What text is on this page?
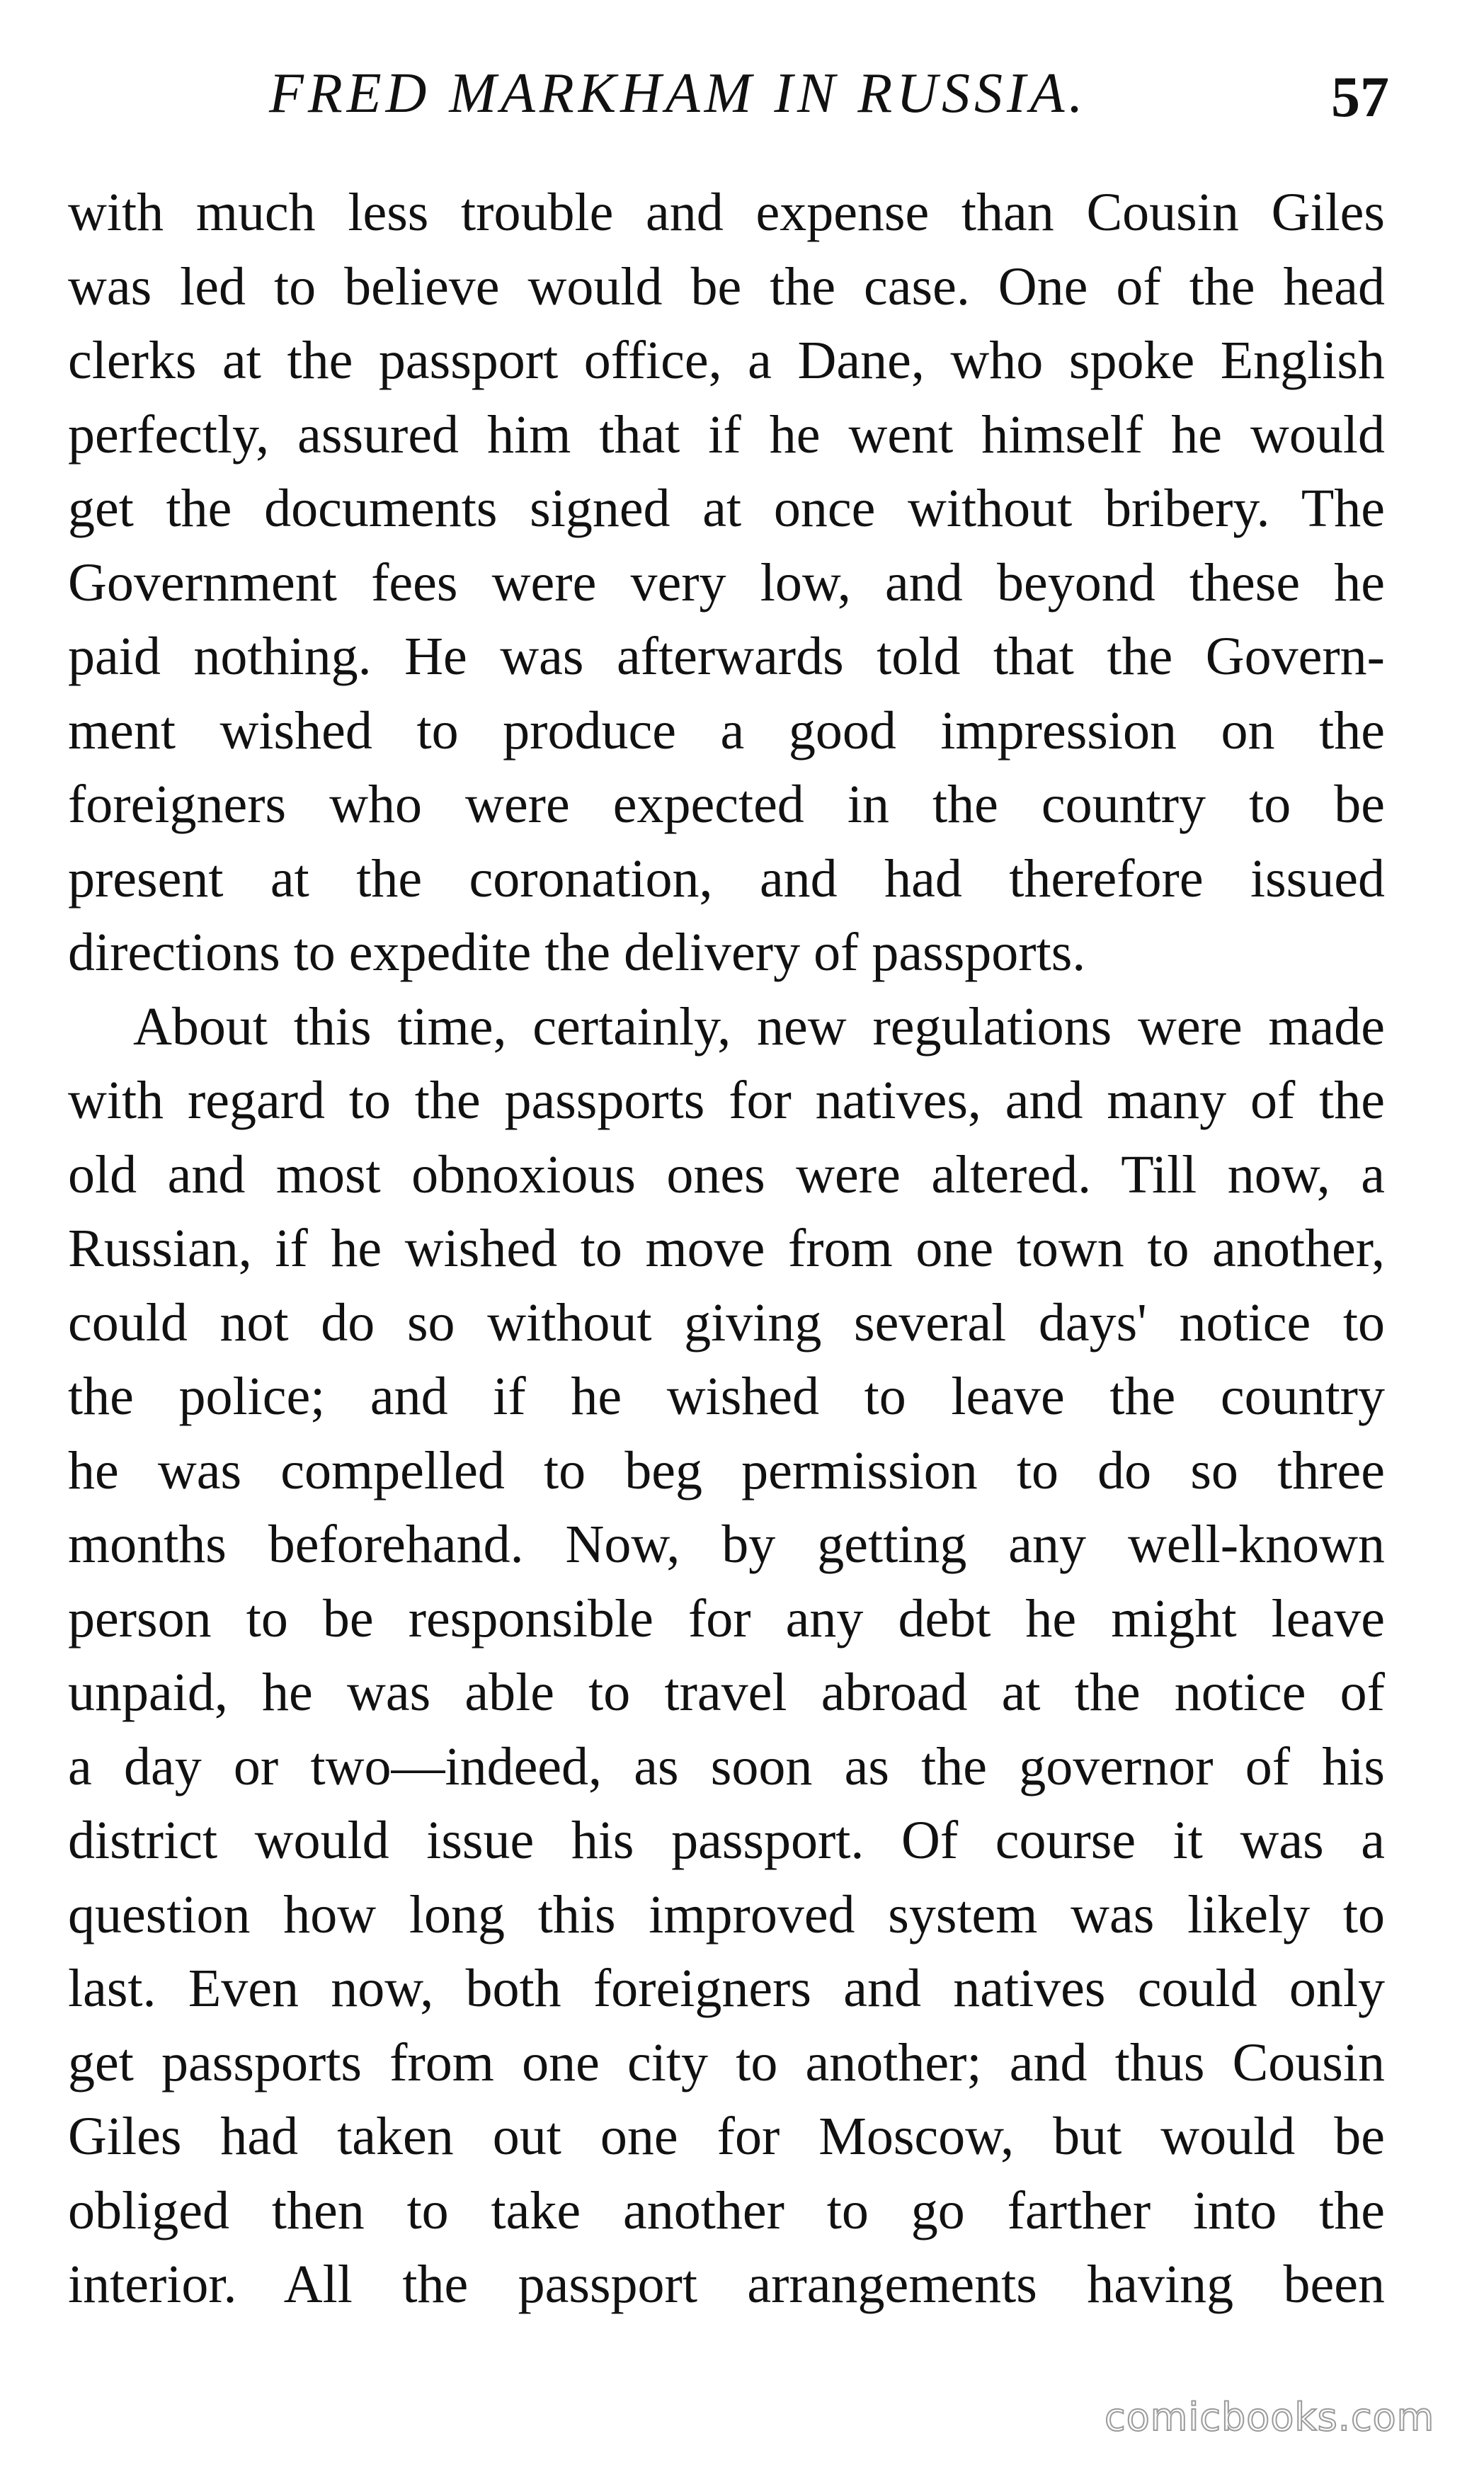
FRED MARKHAM IN RUSSIA.	57
with much less trouble and expense than Cousin Giles
was led to believe would be the case. One of the head
clerks at the passport office, a Dane, who spoke English
perfectly, assured him that if he went himself he would
get the documents signed at once without bribery. The
Government fees were very low, and beyond these he
paid nothing. He was afterwards told that the Govern-
ment wished to produce a good impression on the
foreigners who were expected in the country to be
present at the coronation, and had therefore issued
directions to expedite the delivery of passports.
About this time, certainly, new regulations were made
with regard to the passports for natives, and many of the
old and most obnoxious ones were altered. Till now, a
Russian, if he wished to move from one town to another,
could not do so without giving several days' notice to
the police; and if he wished to leave the country
he was compelled to beg permission to do so three
months beforehand. Now, by getting any well-known
person to be responsible for any debt he might leave
unpaid, he was able to travel abroad at the notice of
a day or two—indeed, as soon as the governor of his
district would issue his passport. Of course it was a
question how long this improved system was likely to
last. Even now, both foreigners and natives could only
get passports from one city to another; and thus Cousin
Giles had taken out one for Moscow, but would be
obliged then to take another to go farther into the
interior. All the passport arrangements having been
comicbooks.com
